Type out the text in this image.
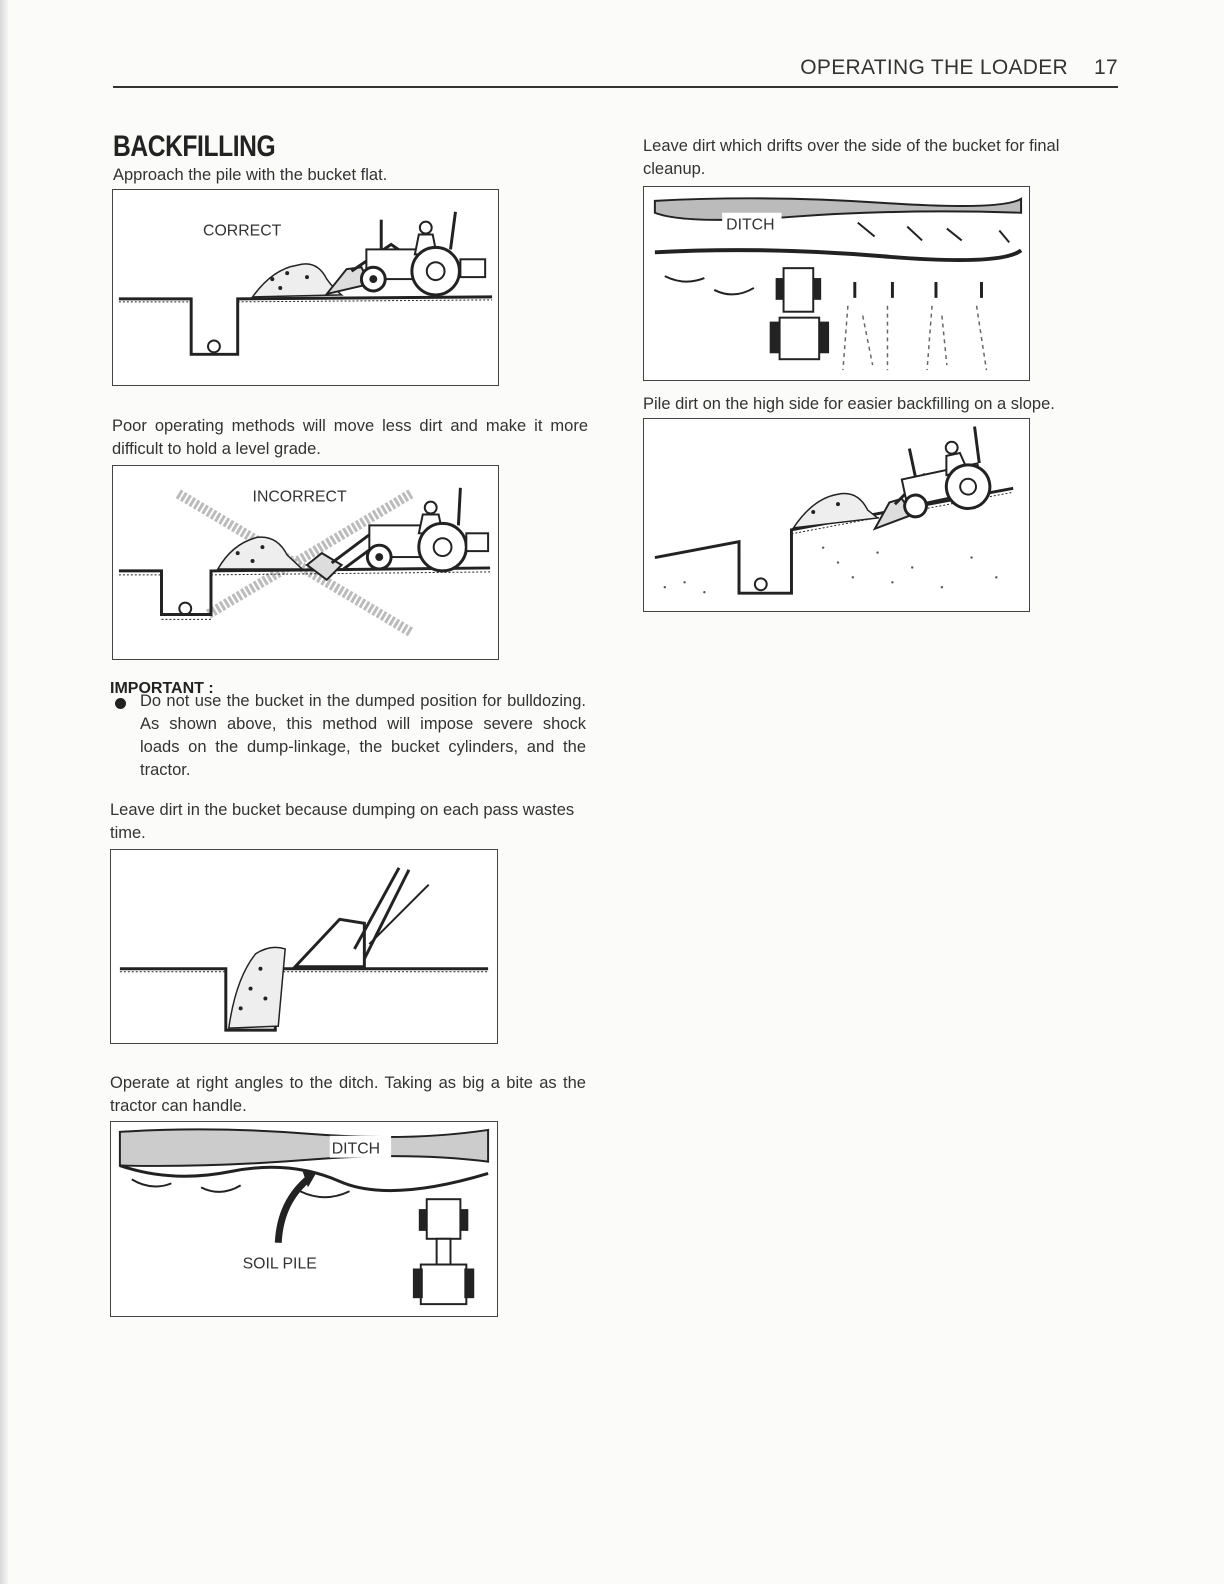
OPERATING THE LOADER 17
BACKFILLING
Approach the pile with the bucket flat.
CORRECT
Poor operating methods will move less dirt and make it more difficult to hold a level grade.
INCORRECT
IMPORTANT :
Do not use the bucket in the dumped position for bulldozing. As shown above, this method will impose severe shock loads on the dump-linkage, the bucket cylinders, and the tractor.
Leave dirt in the bucket because dumping on each pass wastes time.
Operate at right angles to the ditch. Taking as big a bite as the tractor can handle.
DITCH
SOIL PILE
Leave dirt which drifts over the side of the bucket for final cleanup.
DITCH
Pile dirt on the high side for easier backfilling on a slope.
